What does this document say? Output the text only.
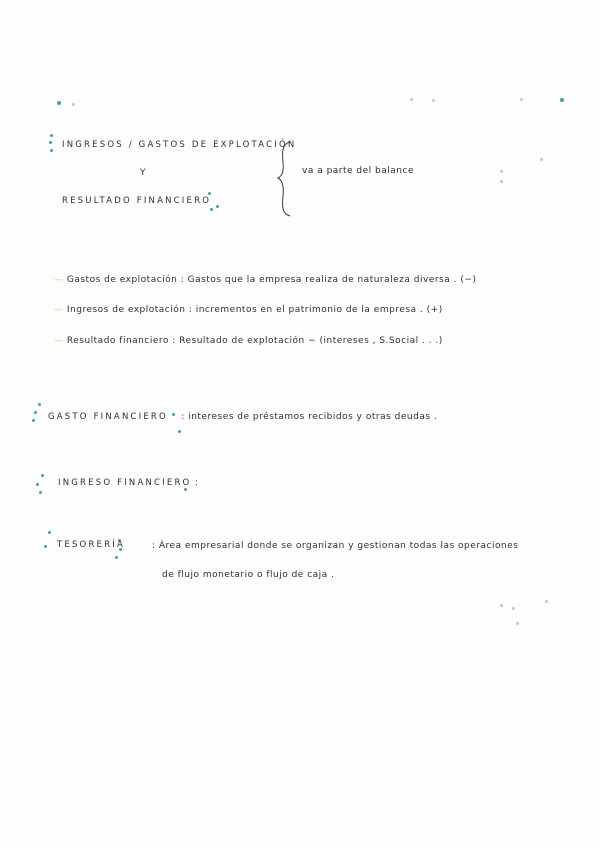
INGRESOS / GASTOS DE EXPLOTACIÓN
Y
RESULTADO FINANCIERO
va a parte del balance
— Gastos de explotación : Gastos que la empresa realiza de naturaleza diversa . (−)
— Ingresos de explotación : incrementos en el patrimonio de la empresa . (+)
— Resultado financiero : Resultado de explotación − (intereses , S.Social . . .)
GASTO FINANCIERO : intereses de préstamos recibidos y otras deudas .
INGRESO FINANCIERO :
TESORERÍA	: Área empresarial donde se organizan y gestionan todas las operaciones
de flujo monetario o flujo de caja .
